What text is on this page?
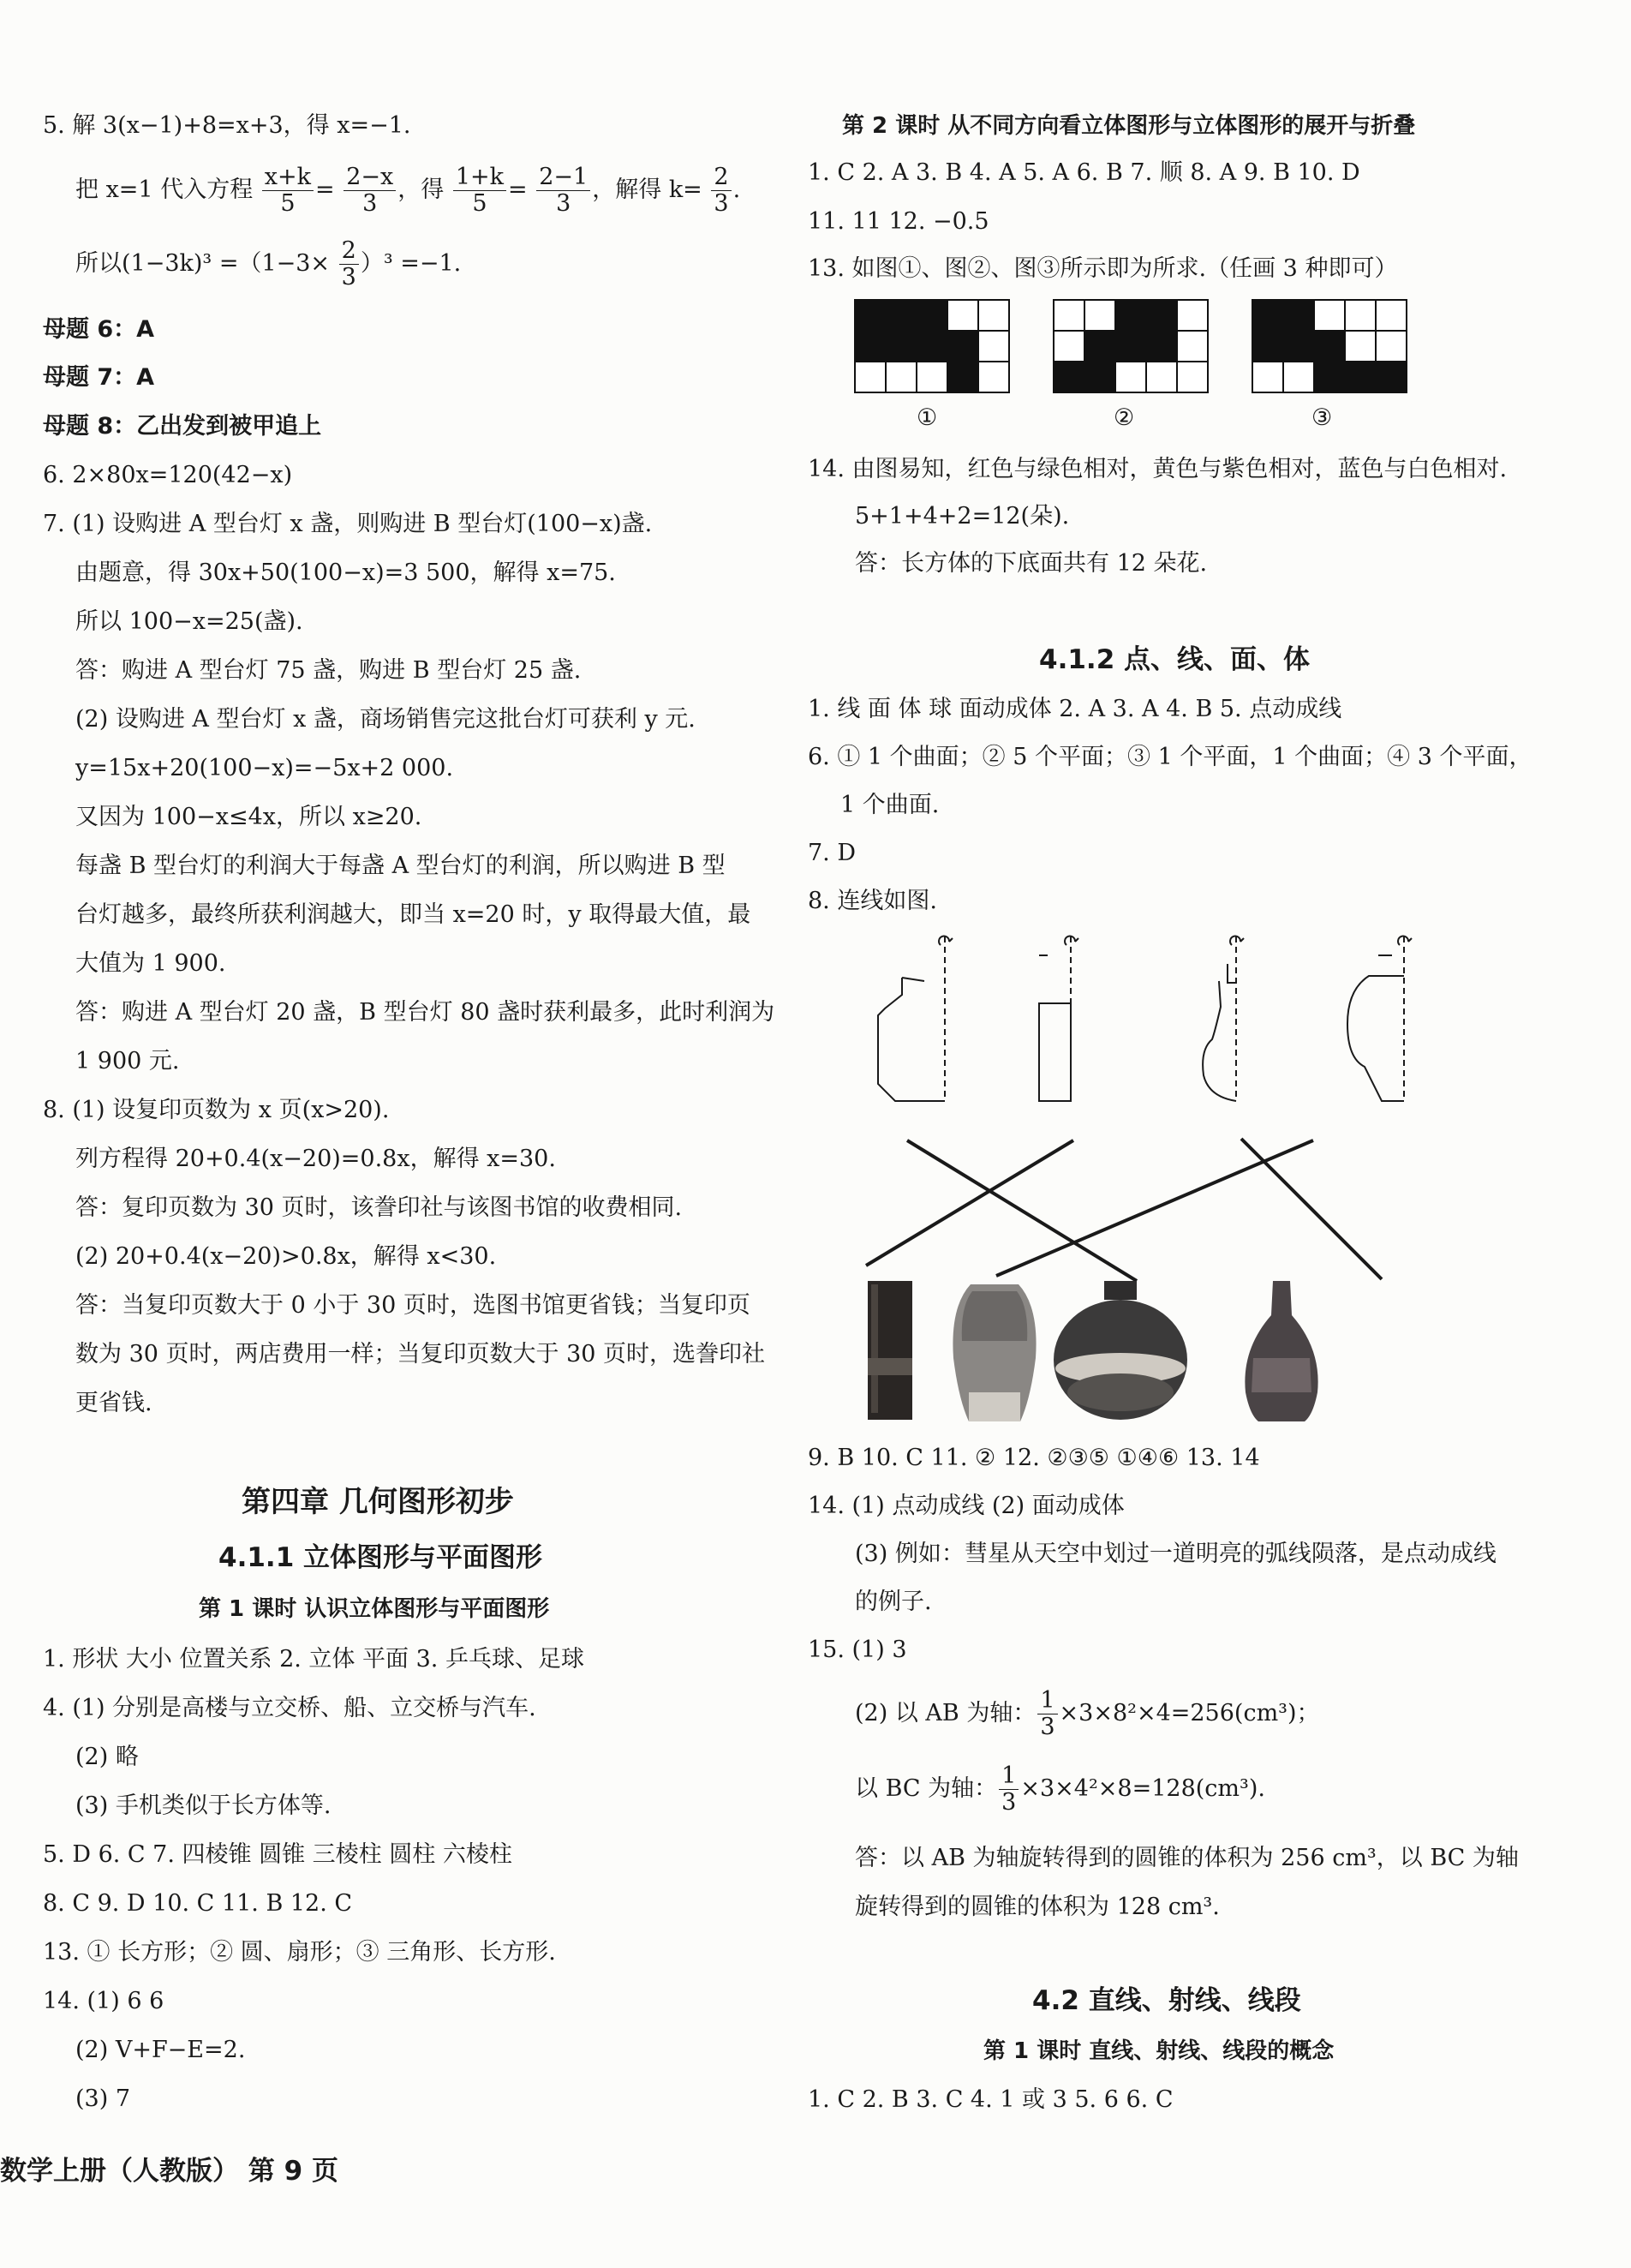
5. 解 3(x−1)+8=x+3，得 x=−1.
把 x=1 代入方程 $\frac{x+k}{5} = \frac{2-x}{3}$ ，得 $\frac{1+k}{5} = \frac{2-1}{3}$ ，解得 $k= \frac{2}{3}$ .
所以$(1-3k)^3 =(1-3\times \frac{2}{3} )^3 =-1$.
母题 6：A
母题 7：A
母题 8：乙出发到被甲追上
6. 2×80x=120(42−x)
7. (1) 设购进 A 型台灯 x 盏，则购进 B 型台灯(100−x)盏.
由题意，得 30x+50(100−x)=3 500，解得 x=75.
所以 100−x=25(盏).
答：购进 A 型台灯 75 盏，购进 B 型台灯 25 盏.
(2) 设购进 A 型台灯 x 盏，商场销售完这批台灯可获利 y 元.
y=15x+20(100−x)=−5x+2 000.
又因为 100−x≤4x，所以 x≥20.
每盏 B 型台灯的利润大于每盏 A 型台灯的利润，所以购进 B 型
台灯越多，最终所获利润越大，即当 x=20 时，y 取得最大值，最
大值为 1 900.
答：购进 A 型台灯 20 盏，B 型台灯 80 盏时获利最多，此时利润为
1 900 元.
8. (1) 设复印页数为 x 页(x>20).
列方程得 20+0.4(x−20)=0.8x，解得 x=30.
答：复印页数为 30 页时，该誊印社与该图书馆的收费相同.
(2) 20+0.4(x−20)>0.8x，解得 x<30.
答：当复印页数大于 0 小于 30 页时，选图书馆更省钱；当复印页
数为 30 页时，两店费用一样；当复印页数大于 30 页时，选誊印社
更省钱.
第四章 几何图形初步
4.1.1 立体图形与平面图形
第 1 课时 认识立体图形与平面图形
1. 形状 大小 位置关系 2. 立体 平面 3. 乒乓球、足球
4. (1) 分别是高楼与立交桥、船、立交桥与汽车.
(2) 略
(3) 手机类似于长方体等.
5. D 6. C 7. 四棱锥 圆锥 三棱柱 圆柱 六棱柱
8. C 9. D 10. C 11. B 12. C
13. ① 长方形；② 圆、扇形；③ 三角形、长方形.
14. (1) 6 6
(2) V+F−E=2.
(3) 7
第 2 课时 从不同方向看立体图形与立体图形的展开与折叠
1. C 2. A 3. B 4. A 5. A 6. B 7. 顺 8. A 9. B 10. D
11. 11 12. −0.5
13. 如图①、图②、图③所示即为所求.（任画 3 种即可）
①	②	③
14. 由图易知，红色与绿色相对，黄色与紫色相对，蓝色与白色相对.
5+1+4+2=12(朵).
答：长方体的下底面共有 12 朵花.
4.1.2 点、线、面、体
1. 线 面 体 球 面动成体 2. A 3. A 4. B 5. 点动成线
6. ① 1 个曲面；② 5 个平面；③ 1 个平面，1 个曲面；④ 3 个平面，
1 个曲面.
7. D
8. 连线如图.
9. B 10. C 11. ② 12. ②③⑤ ①④⑥ 13. 14
14. (1) 点动成线 (2) 面动成体
(3) 例如：彗星从天空中划过一道明亮的弧线陨落，是点动成线
的例子.
15. (1) 3
(2) 以 AB 为轴： $\frac{1}{3} \times 3\times 8^2\times 4=256(cm^3)$；
以 BC 为轴： $\frac{1}{3} \times 3\times 4^2\times 8=128(cm^3)$.
答：以 AB 为轴旋转得到的圆锥的体积为 256 cm³，以 BC 为轴
旋转得到的圆锥的体积为 128 cm³.
4.2 直线、射线、线段
第 1 课时 直线、射线、线段的概念
1. C 2. B 3. C 4. 1 或 3 5. 6 6. C
数学上册（人教版） 第 9 页
